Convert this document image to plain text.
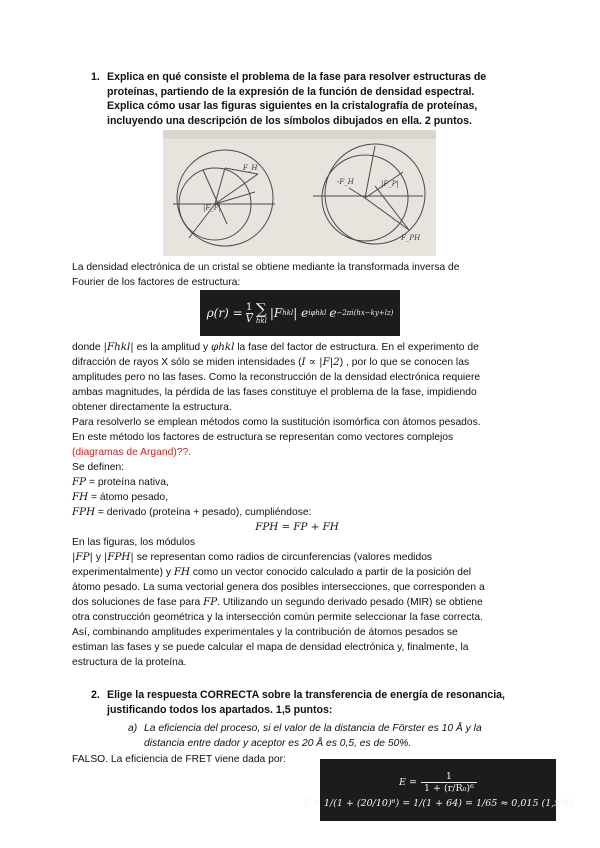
1. Explica en qué consiste el problema de la fase para resolver estructuras de
proteínas, partiendo de la expresión de la función de densidad espectral.
Explica cómo usar las figuras siguientes en la cristalografía de proteínas,
incluyendo una descripción de los símbolos dibujados en ella. 2 puntos.
F_H
|F_P|
|F_P|
-F_H
F_PH

La densidad electrónica de un cristal se obtiene mediante la transformada inversa de
Fourier de los factores de estructura:

$\rho(r) = \frac{1}{V}$ ∑
hkl
|F hkl | e iφhkl e −2πi(hx−ky+lz)

donde |Fhkl| es la amplitud y φhkl la fase del factor de estructura. En el experimento de
difracción de rayos X sólo se miden intensidades (I ∝ |F|2) , por lo que se conocen las
amplitudes pero no las fases. Como la reconstrucción de la densidad electrónica requiere
ambas magnitudes, la pérdida de las fases constituye el problema de la fase, impidiendo
obtener directamente la estructura.
Para resolverlo se emplean métodos como la sustitución isomórfica con átomos pesados.
En este método los factores de estructura se representan como vectores complejos
(diagramas de Argand)??.
Se definen:
FP = proteína nativa,
FH = átomo pesado,
FPH = derivado (proteína + pesado), cumpliéndose:

FPH = FP + FH
En las figuras, los módulos
|FP| y |FPH| se representan como radios de circunferencias (valores medidos
experimentalmente) y FH como un vector conocido calculado a partir de la posición del
átomo pesado. La suma vectorial genera dos posibles intersecciones, que corresponden a
dos soluciones de fase para FP. Utilizando un segundo derivado pesado (MIR) se obtiene
otra construcción geométrica y la intersección común permite seleccionar la fase correcta.
Así, combinando amplitudes experimentales y la contribución de átomos pesados se
estiman las fases y se puede calcular el mapa de densidad electrónica y, finalmente, la
estructura de la proteína.

2. Elige la respuesta CORRECTA sobre la transferencia de energía de resonancia,
justificando todos los apartados. 1,5 puntos:
a) La eficiencia del proceso, si el valor de la distancia de Förster es 10 Å y la
distancia entre dador y aceptor es 20 Å es 0,5, es de 50%.

FALSO. La eficiencia de FRET viene dada por:

$E = \frac{1}{\text{1 + (r/R₀)⁶}}$
E = 1/(1 + (20/10)⁶) = 1/(1 + 64) = 1/65 ≈ 0,015 (1,5%)
